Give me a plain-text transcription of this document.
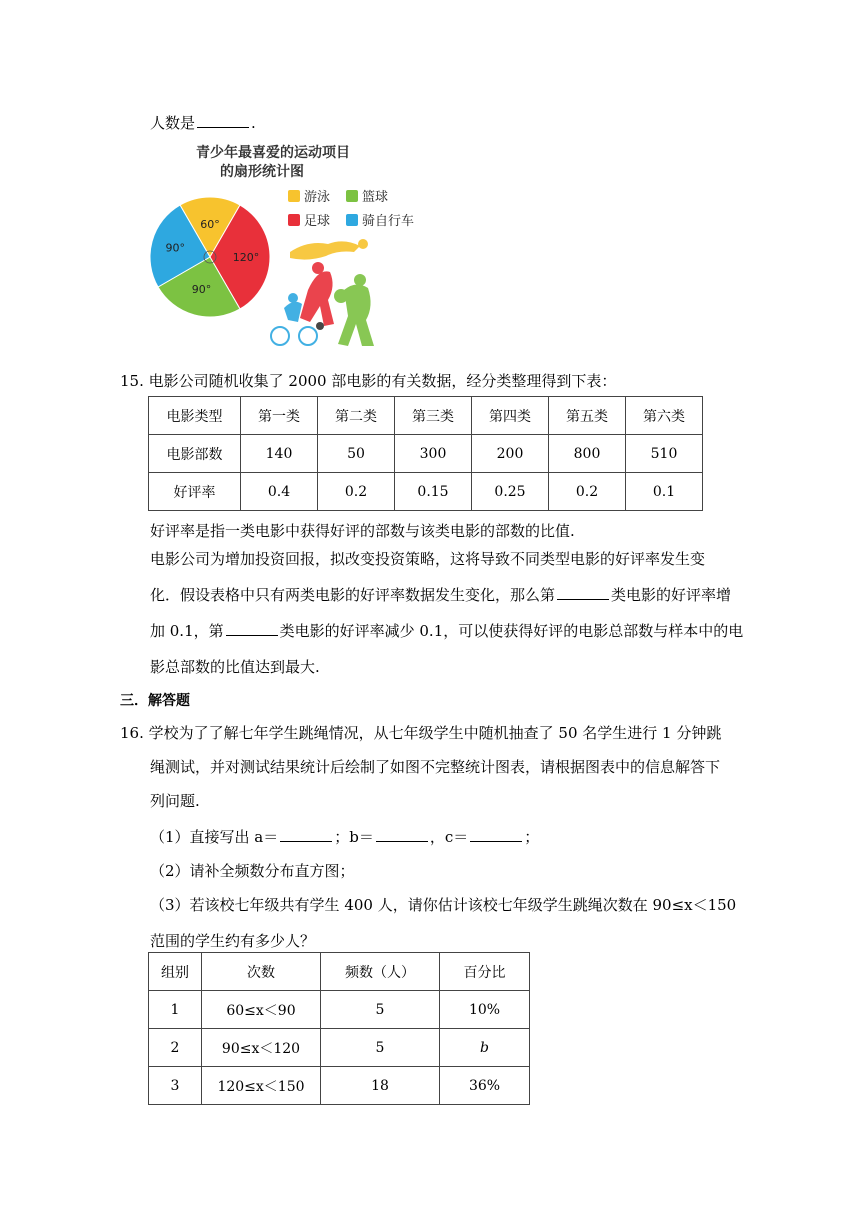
人数是	.
青少年最喜爱的运动项目
的扇形统计图
60°
120°
90°
90°
游泳	篮球
足球	骑自行车
15. 电影公司随机收集了 2000 部电影的有关数据，经分类整理得到下表：
电影类型	第一类	第二类	第三类	第四类	第五类	第六类
电影部数	140	50	300	200	800	510
好评率	0.4	0.2	0.15	0.25	0.2	0.1
好评率是指一类电影中获得好评的部数与该类电影的部数的比值.
电影公司为增加投资回报，拟改变投资策略，这将导致不同类型电影的好评率发生变
化．假设表格中只有两类电影的好评率数据发生变化，那么第	类电影的好评率增
加 0.1，第	类电影的好评率减少 0.1，可以使获得好评的电影总部数与样本中的电
影总部数的比值达到最大.
三．解答题
16. 学校为了了解七年学生跳绳情况，从七年级学生中随机抽查了 50 名学生进行 1 分钟跳
绳测试，并对测试结果统计后绘制了如图不完整统计图表，请根据图表中的信息解答下
列问题.
（1）直接写出 a＝	；b＝	，c＝	；
（2）请补全频数分布直方图；
（3）若该校七年级共有学生 400 人，请你估计该校七年级学生跳绳次数在 90≤x＜150
范围的学生约有多少人？
组别	次数	频数（人）	百分比
1	60≤x＜90	5	10%
2	90≤x＜120	5	b
3	120≤x＜150	18	36%
